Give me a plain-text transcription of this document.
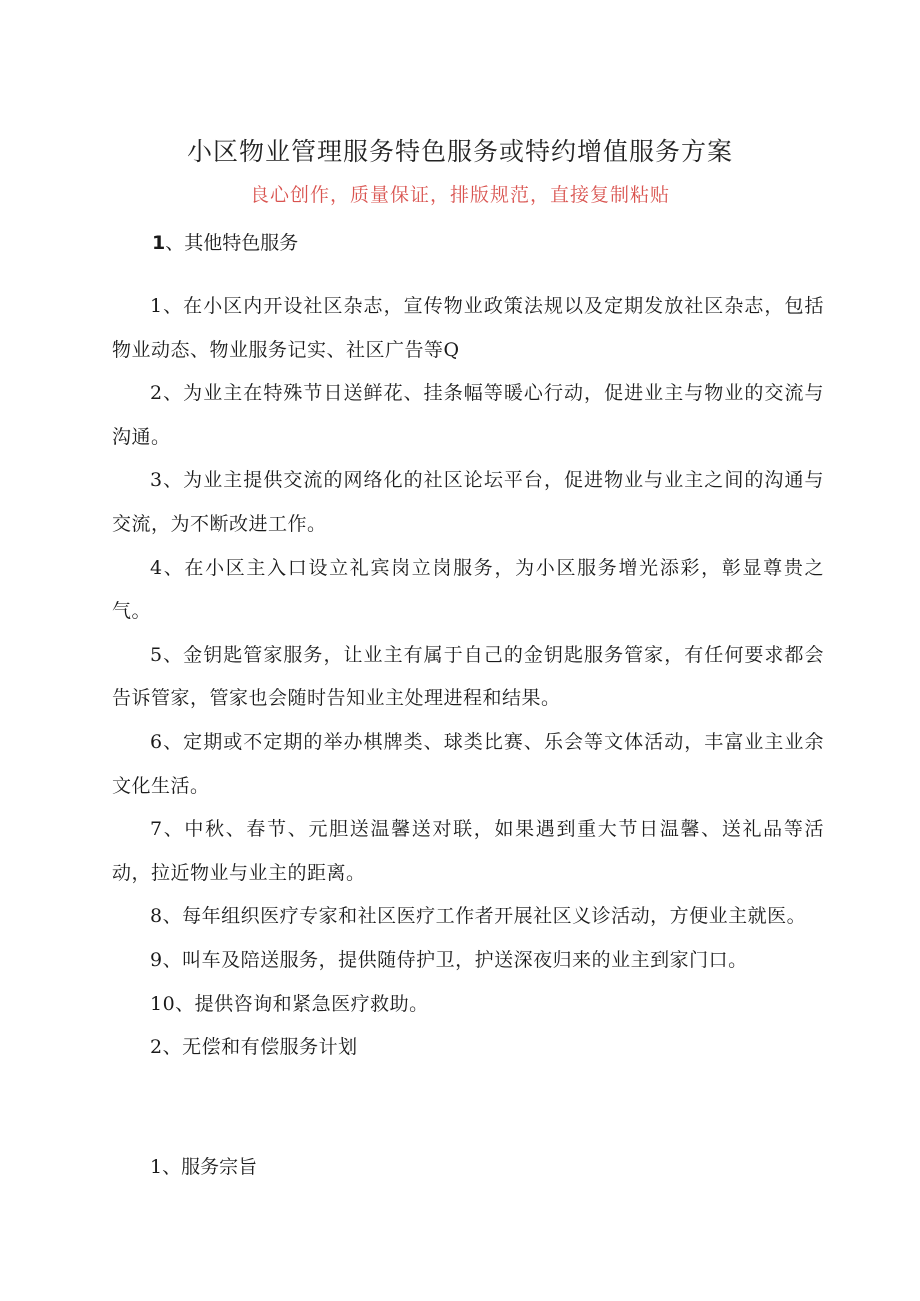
小区物业管理服务特色服务或特约增值服务方案
良心创作，质量保证，排版规范，直接复制粘贴
1、其他特色服务
1、在小区内开设社区杂志，宣传物业政策法规以及定期发放社区杂志，包括物业动态、物业服务记实、社区广告等Q
2、为业主在特殊节日送鲜花、挂条幅等暖心行动，促进业主与物业的交流与沟通。
3、为业主提供交流的网络化的社区论坛平台，促进物业与业主之间的沟通与交流，为不断改进工作。
4、在小区主入口设立礼宾岗立岗服务，为小区服务增光添彩，彰显尊贵之气。
5、金钥匙管家服务，让业主有属于自己的金钥匙服务管家，有任何要求都会告诉管家，管家也会随时告知业主处理进程和结果。
6、定期或不定期的举办棋牌类、球类比赛、乐会等文体活动，丰富业主业余文化生活。
7、中秋、春节、元胆送温馨送对联，如果遇到重大节日温馨、送礼品等活动，拉近物业与业主的距离。
8、每年组织医疗专家和社区医疗工作者开展社区义诊活动，方便业主就医。
9、叫车及陪送服务，提供随侍护卫，护送深夜归来的业主到家门口。
10、提供咨询和紧急医疗救助。
2、无偿和有偿服务计划
1、服务宗旨
